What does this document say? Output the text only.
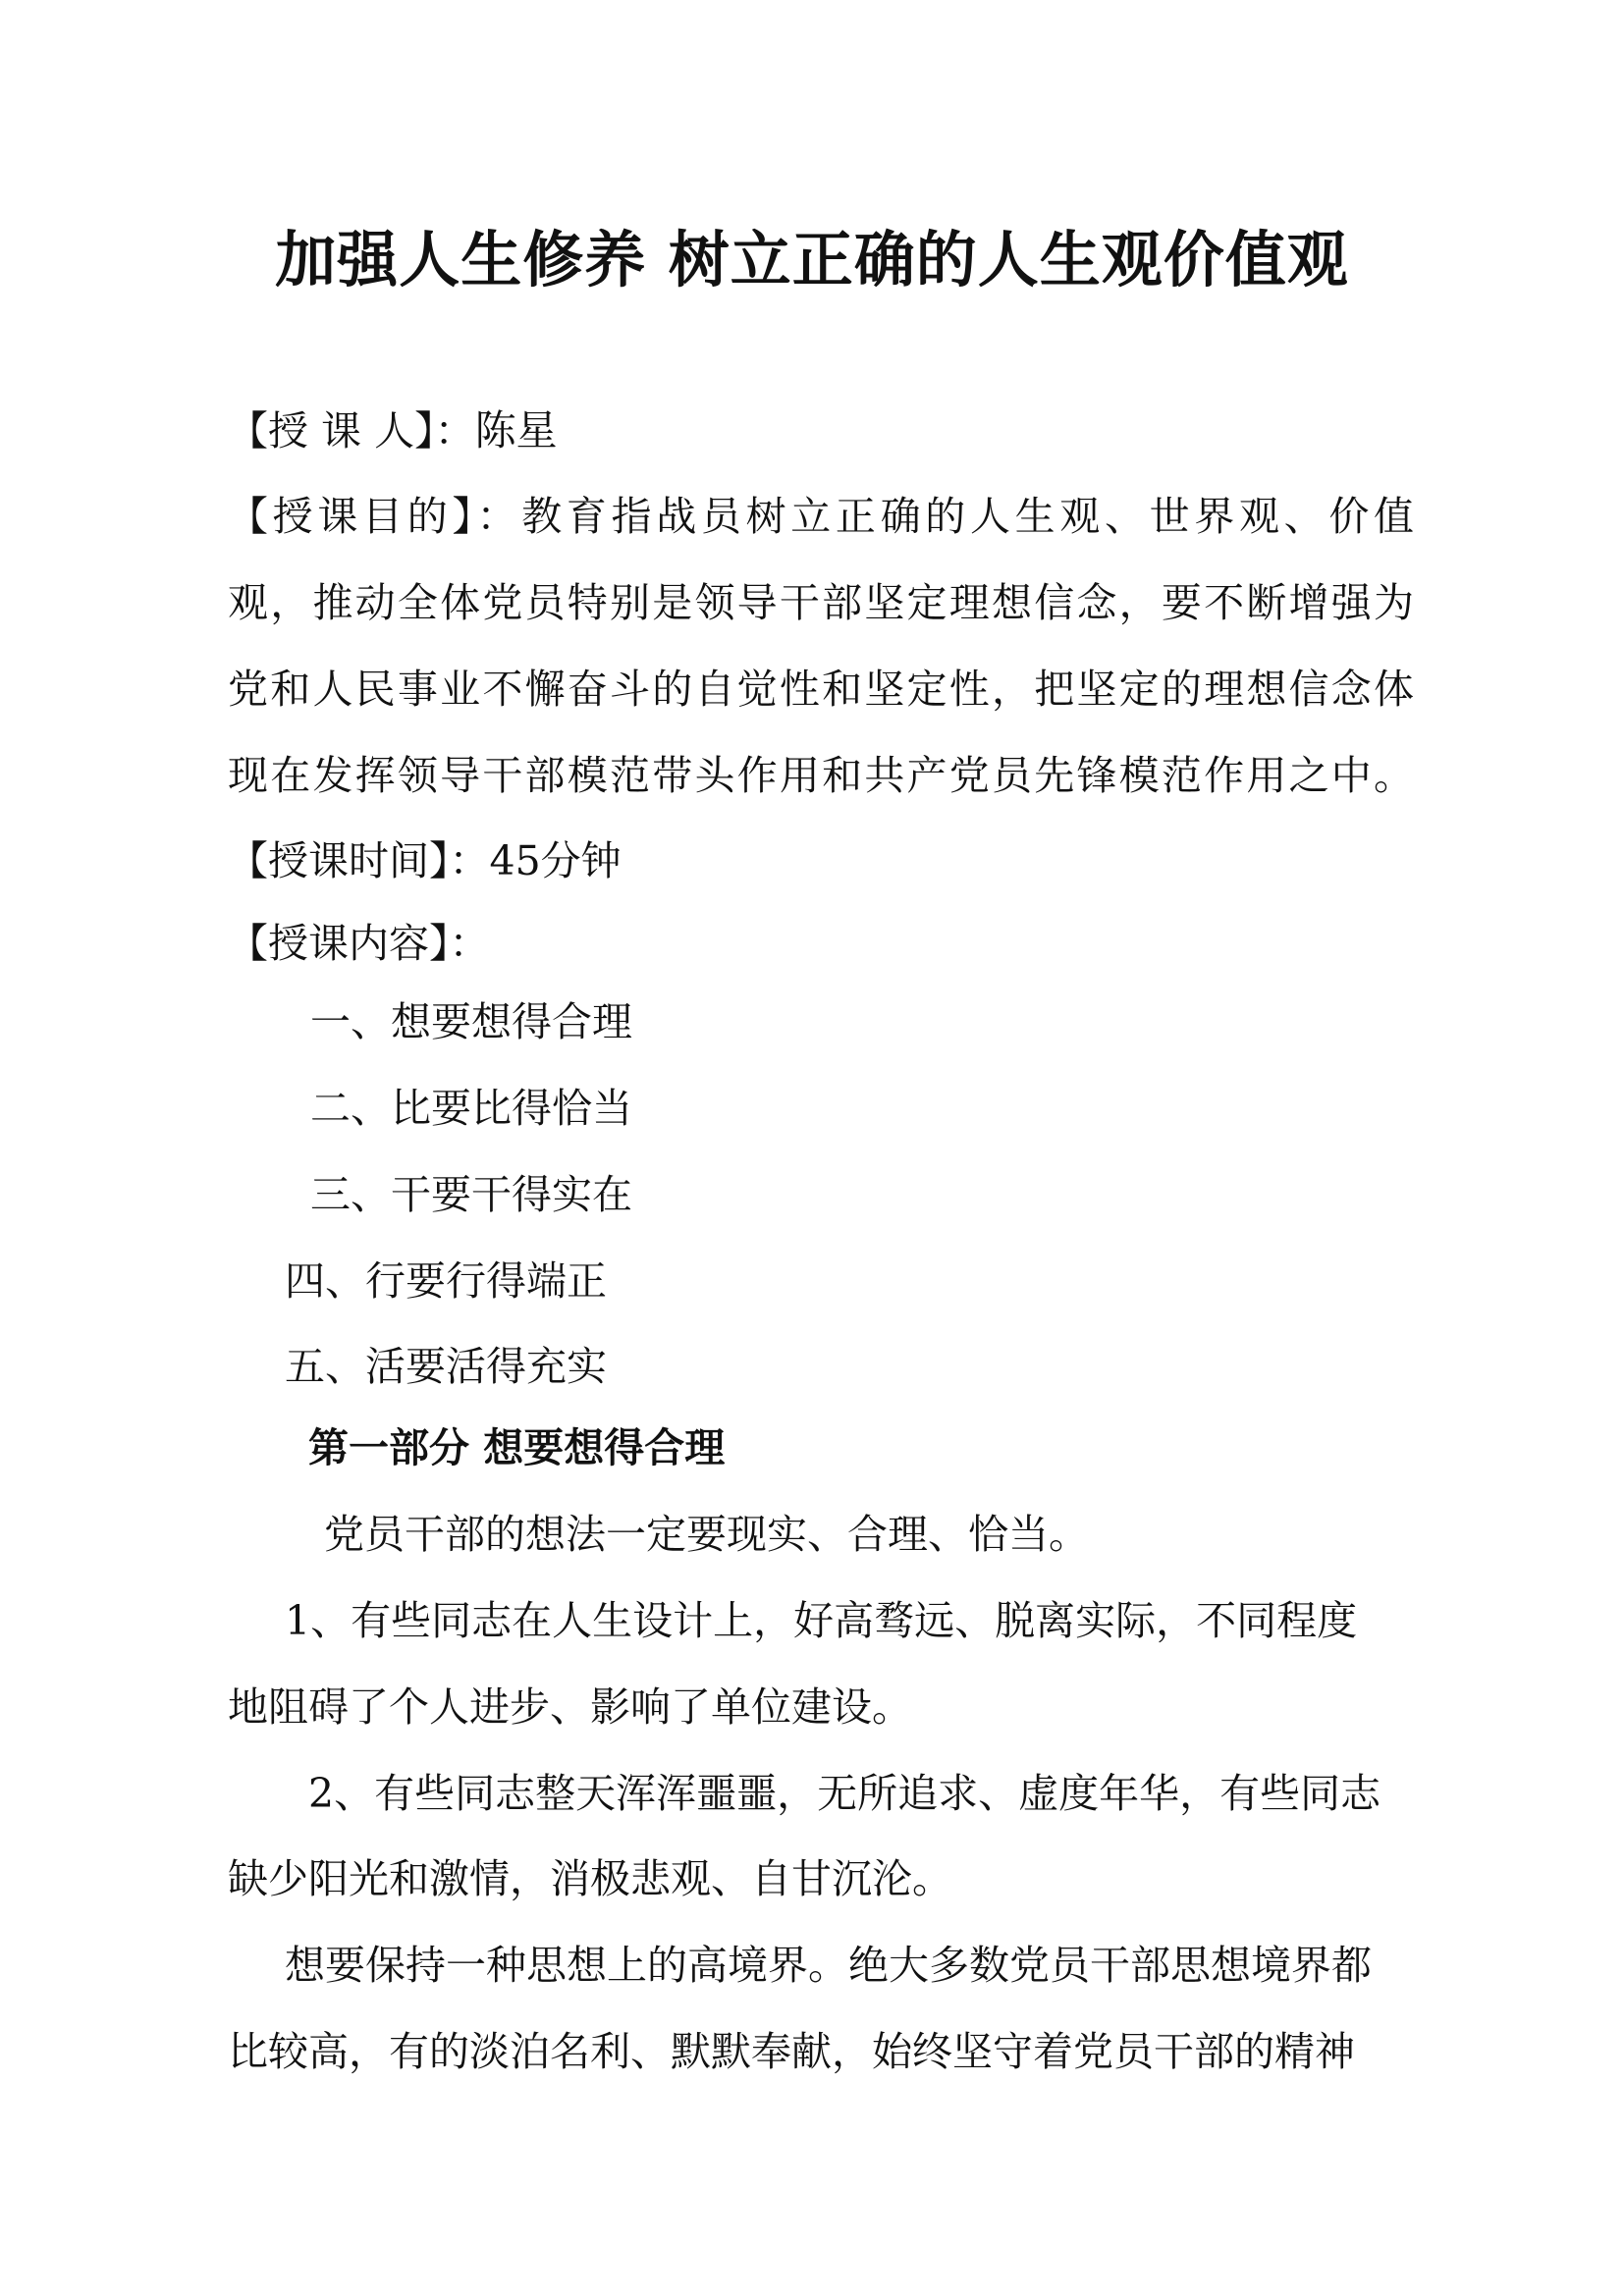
加强人生修养 树立正确的人生观价值观
【授 课 人】：陈星
【授课目的】：教育指战员树立正确的人生观、世界观、价值
观，推动全体党员特别是领导干部坚定理想信念，要不断增强为
党和人民事业不懈奋斗的自觉性和坚定性，把坚定的理想信念体
现在发挥领导干部模范带头作用和共产党员先锋模范作用之中。
【授课时间】：45分钟
【授课内容】：
一、想要想得合理
二、比要比得恰当
三、干要干得实在
四、行要行得端正
五、活要活得充实
第一部分 想要想得合理
党员干部的想法一定要现实、合理、恰当。
1、有些同志在人生设计上，好高骛远、脱离实际，不同程度
地阻碍了个人进步、影响了单位建设。
2、有些同志整天浑浑噩噩，无所追求、虚度年华，有些同志
缺少阳光和激情，消极悲观、自甘沉沦。
想要保持一种思想上的高境界。绝大多数党员干部思想境界都
比较高，有的淡泊名利、默默奉献，始终坚守着党员干部的精神
